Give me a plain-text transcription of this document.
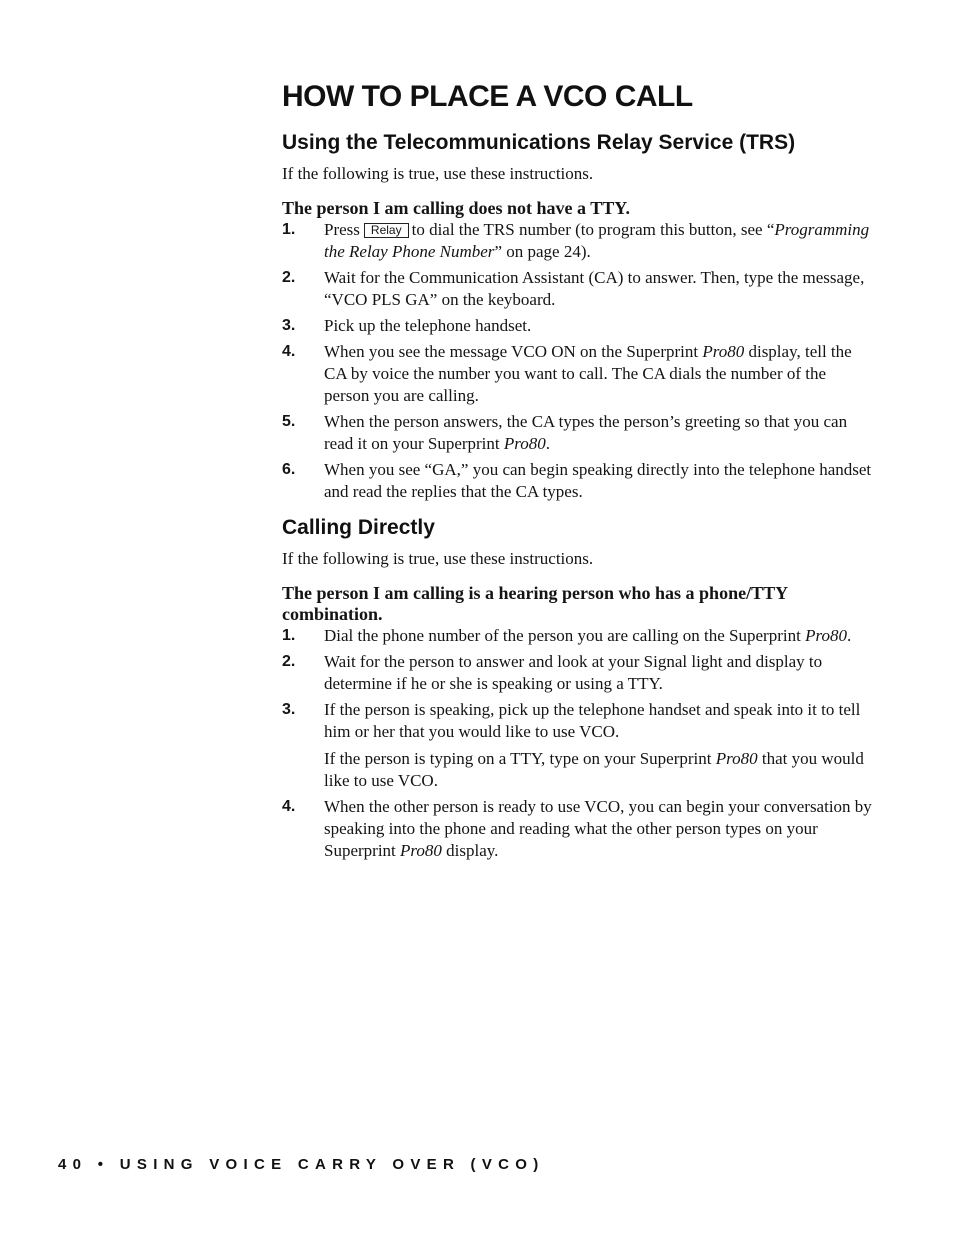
HOW TO PLACE A VCO CALL
Using the Telecommunications Relay Service (TRS)

If the following is true, use these instructions.

The person I am calling does not have a TTY.

1.	Press Relay to dial the TRS number (to program this button, see “Programming the Relay Phone Number” on page 24).
2.	Wait for the Communication Assistant (CA) to answer. Then, type the message, “VCO PLS GA” on the keyboard.
3.	Pick up the telephone handset.
4.	When you see the message VCO ON on the Superprint Pro80 display, tell the CA by voice the number you want to call. The CA dials the number of the person you are calling.
5.	When the person answers, the CA types the person’s greeting so that you can read it on your Superprint Pro80.
6.	When you see “GA,” you can begin speaking directly into the telephone handset and read the replies that the CA types.
Calling Directly

If the following is true, use these instructions.

The person I am calling is a hearing person who has a phone/TTY combination.

1.	Dial the phone number of the person you are calling on the Superprint Pro80.
2.	Wait for the person to answer and look at your Signal light and display to determine if he or she is speaking or using a TTY.
3.	If the person is speaking, pick up the telephone handset and speak into it to tell him or her that you would like to use VCO.

If the person is typing on a TTY, type on your Superprint Pro80 that you would like to use VCO.

4.	When the other person is ready to use VCO, you can begin your conversation by speaking into the phone and reading what the other person types on your Superprint Pro80 display.
40 • USING VOICE CARRY OVER (VCO)
